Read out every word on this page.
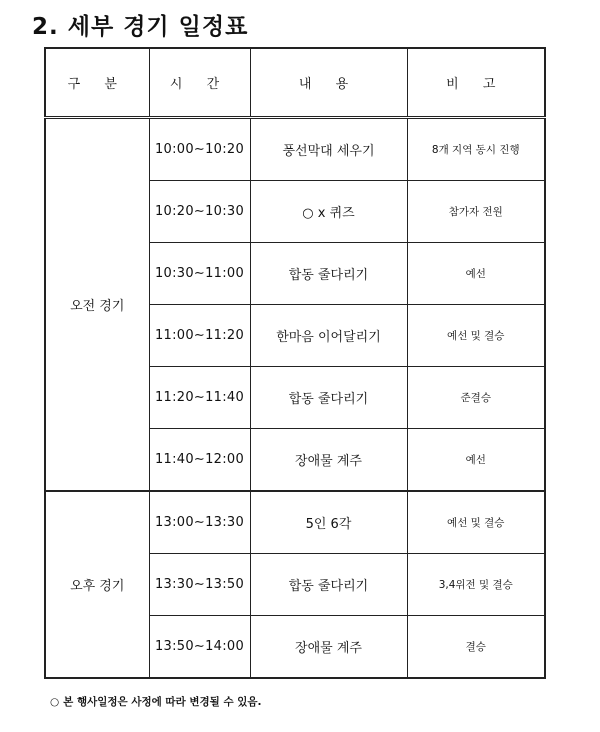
2. 세부 경기 일정표
구 분	시 간	내 용	비 고
오전 경기	10:00∼10:20	풍선막대 세우기	8개 지역 동시 진행
	10:20∼10:30	○ x 퀴즈	참가자 전원
	10:30∼11:00	합동 줄다리기	예선
	11:00∼11:20	한마음 이어달리기	예선 및 결승
	11:20∼11:40	합동 줄다리기	준결승
	11:40∼12:00	장애물 계주	예선
오후 경기	13:00∼13:30	5인 6각	예선 및 결승
	13:30∼13:50	합동 줄다리기	3,4위전 및 결승
	13:50∼14:00	장애물 계주	결승
○ 본 행사일정은 사정에 따라 변경될 수 있음.
